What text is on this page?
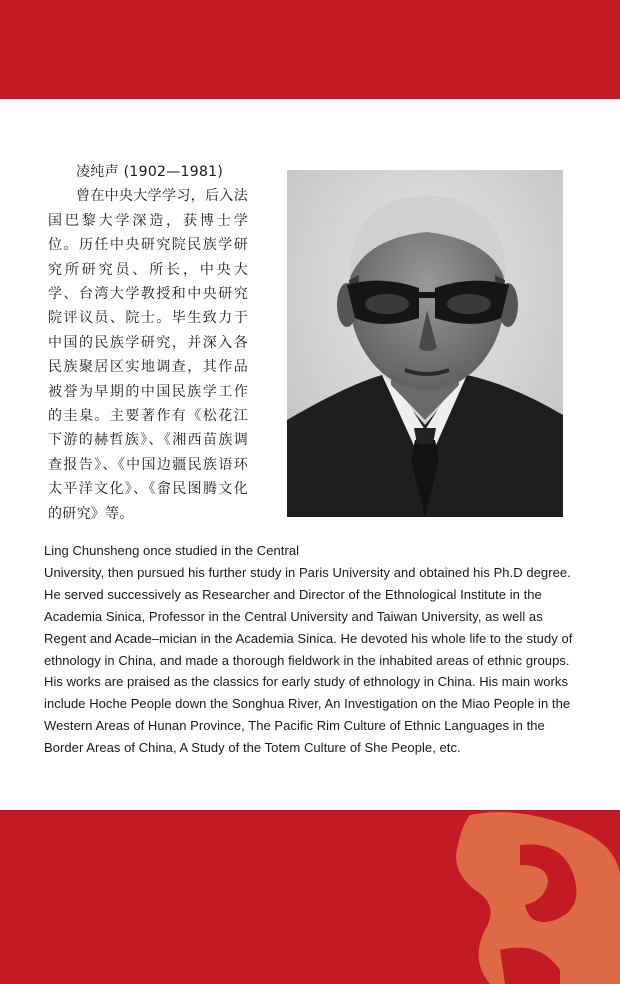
凌纯声 (1902—1981)
曾在中央大学学习，后入法国巴黎大学深造，获博士学位。历任中央研究院民族学研究所研究员、所长，中央大学、台湾大学教授和中央研究院评议员、院士。毕生致力于中国的民族学研究，并深入各民族聚居区实地调查，其作品被誉为早期的中国民族学工作的圭臬。主要著作有《松花江下游的赫哲族》、《湘西苗族调查报告》、《中国边疆民族语环太平洋文化》、《畲民图腾文化的研究》等。

Ling Chunsheng once studied in the Central

University, then pursued his further study in Paris University and obtained his Ph.D degree. He served successively as Researcher and Director of the Ethnological Institute in the Academia Sinica, Professor in the Central University and Taiwan University, as well as Regent and Acade–mician in the Academia Sinica. He devoted his whole life to the study of ethnology in China, and made a thorough fieldwork in the inhabited areas of ethnic groups. His works are praised as the classics for early study of ethnology in China. His main works include Hoche People down the Songhua River, An Investigation on the Miao People in the Western Areas of Hunan Province, The Pacific Rim Culture of Ethnic Languages in the Border Areas of China, A Study of the Totem Culture of She People, etc.
